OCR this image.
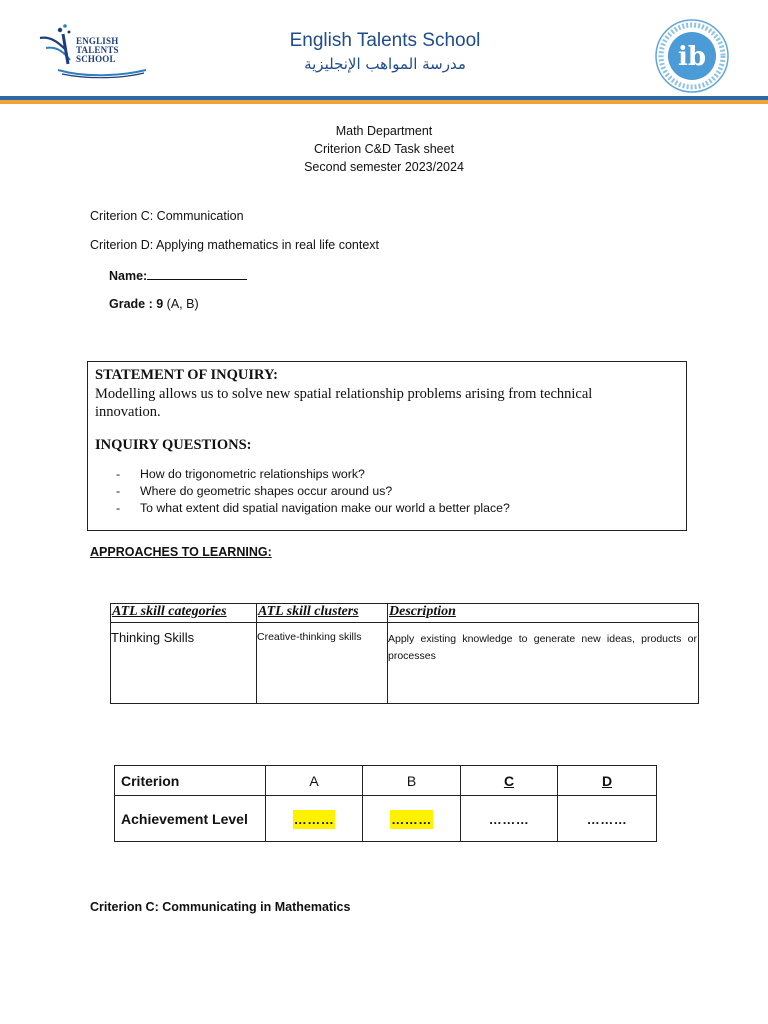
ENGLISH
TALENTS
SCHOOL
English Talents School
مدرسة المواهب الإنجليزية	ib
Math Department
Criterion C&D Task sheet
Second semester 2023/2024
Criterion C: Communication
Criterion D: Applying mathematics in real life context
Name:
Grade : 9 (A, B)
STATEMENT OF INQUIRY:
Modelling allows us to solve new spatial relationship problems arising from technical innovation.
INQUIRY QUESTIONS:
- How do trigonometric relationships work?
- Where do geometric shapes occur around us?
- To what extent did spatial navigation make our world a better place?
APPROACHES TO LEARNING:
ATL skill categories	ATL skill clusters	Description
Thinking Skills	Creative-thinking skills	Apply existing knowledge to generate new ideas, products or processes
Criterion	A	B	C	D
Achievement Level	………	………	………	………
Criterion C: Communicating in Mathematics
